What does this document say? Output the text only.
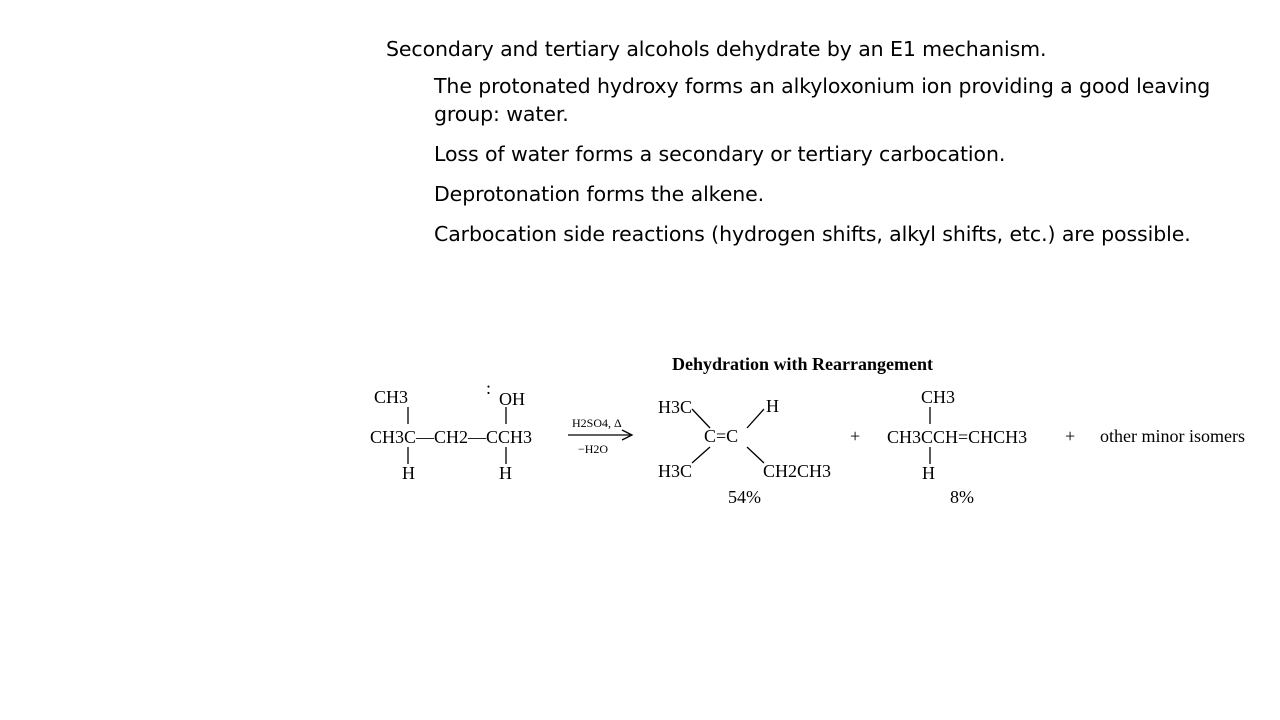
Secondary and tertiary alcohols dehydrate by an E1 mechanism.

The protonated hydroxy forms an alkyloxonium ion providing a good leaving group: water.

Loss of water forms a secondary or tertiary carbocation.

Deprotonation forms the alkene.

Carbocation side reactions (hydrogen shifts, alkyl shifts, etc.) are possible.

Dehydration with Rearrangement
CH3	:
OH
CH3C—CH2—CCH3
H	H
H2SO4, Δ
−H2O
H3C	H
C=C
H3C	CH2CH3
54%
+
CH3
CH3CCH=CHCH3
H
8%
+ other minor isomers
